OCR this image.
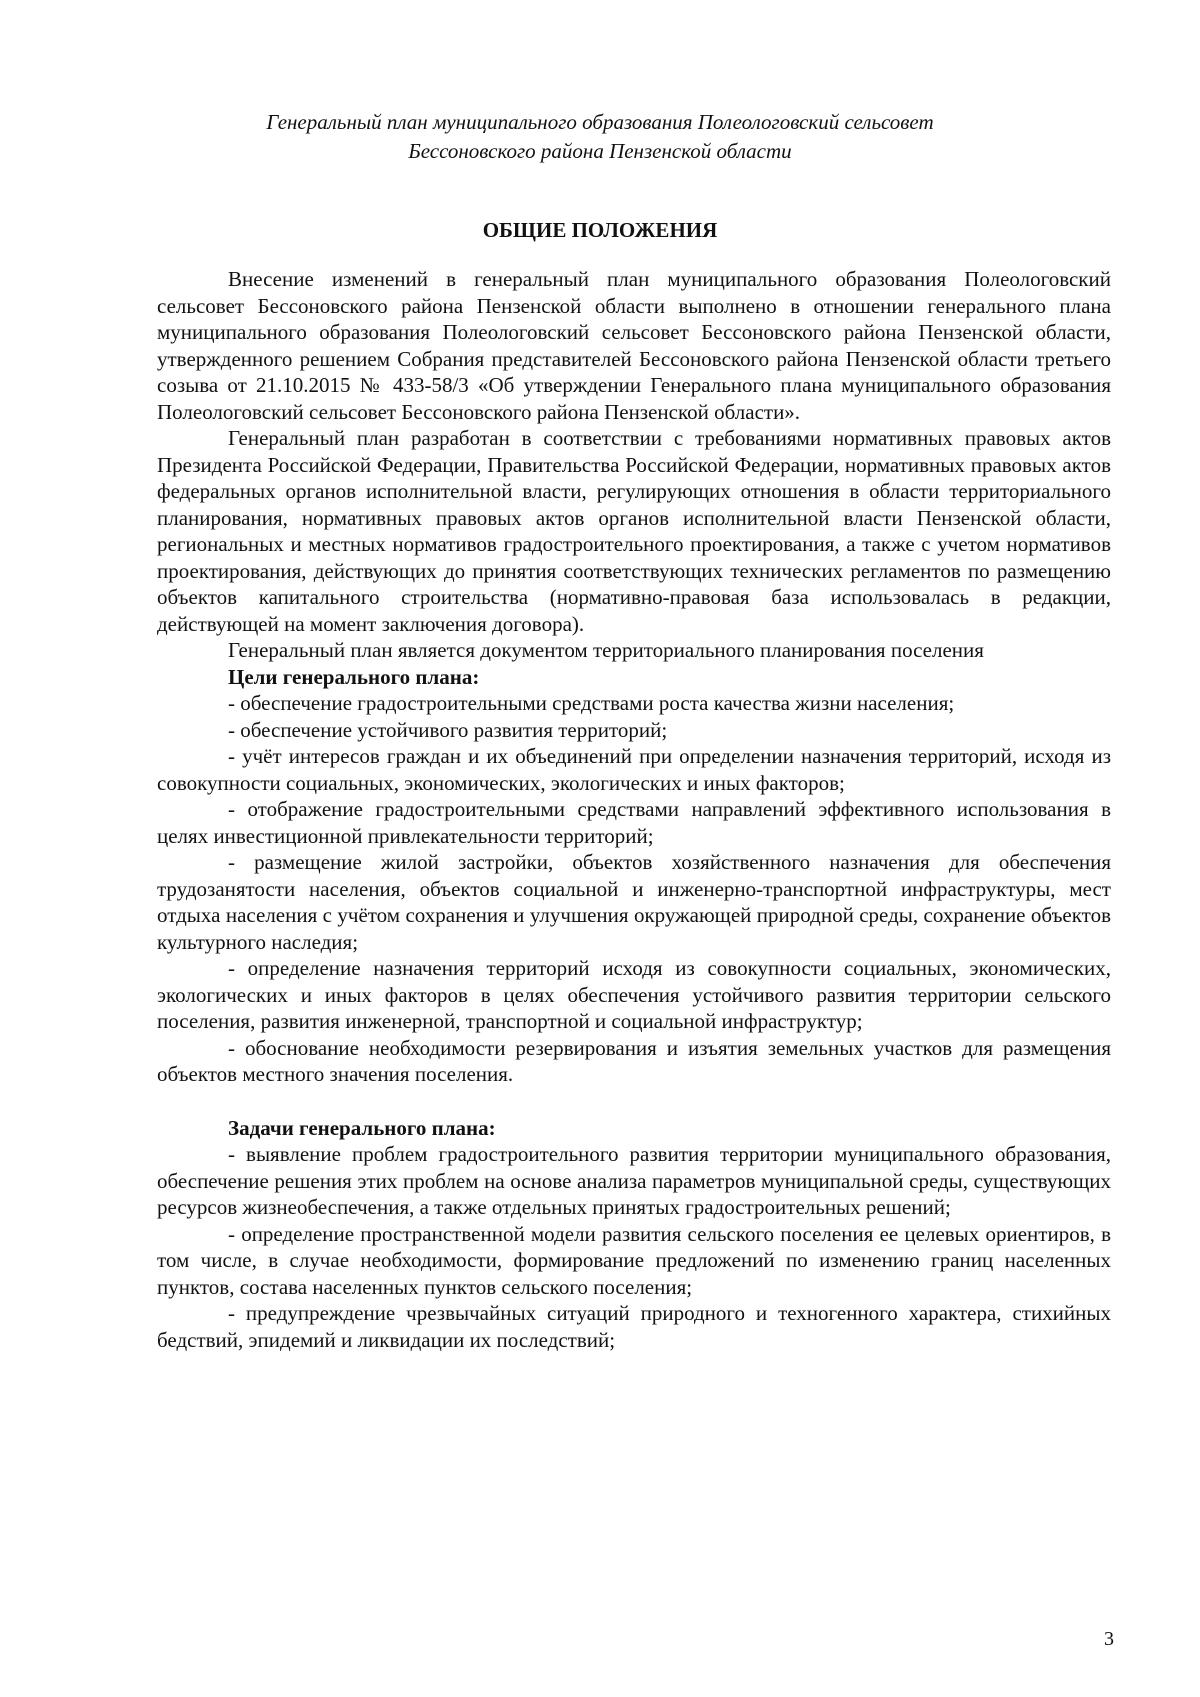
Генеральный план муниципального образования Полеологовский сельсовет
Бессоновского района Пензенской области
ОБЩИЕ ПОЛОЖЕНИЯ

Внесение изменений в генеральный план муниципального образования Полеологовский сельсовет Бессоновского района Пензенской области выполнено в отношении генерального плана муниципального образования Полеологовский сельсовет Бессоновского района Пензенской области, утвержденного решением Собрания представителей Бессоновского района Пензенской области третьего созыва от 21.10.2015 № 433-58/3 «Об утверждении Генерального плана муниципального образования Полеологовский сельсовет Бессоновского района Пензенской области».

Генеральный план разработан в соответствии с требованиями нормативных правовых актов Президента Российской Федерации, Правительства Российской Федерации, нормативных правовых актов федеральных органов исполнительной власти, регулирующих отношения в области территориального планирования, нормативных правовых актов органов исполнительной власти Пензенской области, региональных и местных нормативов градостроительного проектирования, а также с учетом нормативов проектирования, действующих до принятия соответствующих технических регламентов по размещению объектов капитального строительства (нормативно-правовая база использовалась в редакции, действующей на момент заключения договора).

Генеральный план является документом территориального планирования поселения

Цели генерального плана:

- обеспечение градостроительными средствами роста качества жизни населения;

- обеспечение устойчивого развития территорий;

- учёт интересов граждан и их объединений при определении назначения территорий, исходя из совокупности социальных, экономических, экологических и иных факторов;

- отображение градостроительными средствами направлений эффективного использования в целях инвестиционной привлекательности территорий;

- размещение жилой застройки, объектов хозяйственного назначения для обеспечения трудозанятости населения, объектов социальной и инженерно-транспортной инфраструктуры, мест отдыха населения с учётом сохранения и улучшения окружающей природной среды, сохранение объектов культурного наследия;

- определение назначения территорий исходя из совокупности социальных, экономических, экологических и иных факторов в целях обеспечения устойчивого развития территории сельского поселения, развития инженерной, транспортной и социальной инфраструктур;

- обоснование необходимости резервирования и изъятия земельных участков для размещения объектов местного значения поселения.

Задачи генерального плана:

- выявление проблем градостроительного развития территории муниципального образования, обеспечение решения этих проблем на основе анализа параметров муниципальной среды, существующих ресурсов жизнеобеспечения, а также отдельных принятых градостроительных решений;

- определение пространственной модели развития сельского поселения ее целевых ориентиров, в том числе, в случае необходимости, формирование предложений по изменению границ населенных пунктов, состава населенных пунктов сельского поселения;

- предупреждение чрезвычайных ситуаций природного и техногенного характера, стихийных бедствий, эпидемий и ликвидации их последствий;

3
